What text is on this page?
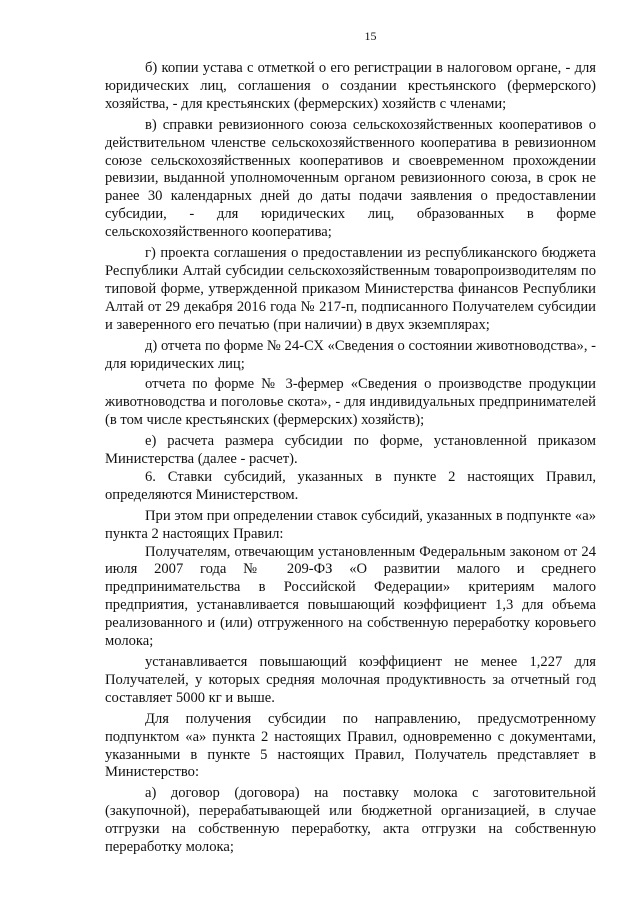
15

б) копии устава с отметкой о его регистрации в налоговом органе, - для юридических лиц, соглашения о создании крестьянского (фермерского) хозяйства, - для крестьянских (фермерских) хозяйств с членами;

в) справки ревизионного союза сельскохозяйственных кооперативов о действительном членстве сельскохозяйственного кооператива в ревизионном союзе сельскохозяйственных кооперативов и своевременном прохождении ревизии, выданной уполномоченным органом ревизионного союза, в срок не ранее 30 календарных дней до даты подачи заявления о предоставлении субсидии, - для юридических лиц, образованных в форме сельскохозяйственного кооператива;

г) проекта соглашения о предоставлении из республиканского бюджета Республики Алтай субсидии сельскохозяйственным товаропроизводителям по типовой форме, утвержденной приказом Министерства финансов Республики Алтай от 29 декабря 2016 года № 217-п, подписанного Получателем субсидии и заверенного его печатью (при наличии) в двух экземплярах;

д) отчета по форме № 24-СХ «Сведения о состоянии животноводства», - для юридических лиц;

отчета по форме № 3-фермер «Сведения о производстве продукции животноводства и поголовье скота», - для индивидуальных предпринимателей (в том числе крестьянских (фермерских) хозяйств);

е) расчета размера субсидии по форме, установленной приказом Министерства (далее - расчет).

6. Ставки субсидий, указанных в пункте 2 настоящих Правил, определяются Министерством.

При этом при определении ставок субсидий, указанных в подпункте «а» пункта 2 настоящих Правил:

Получателям, отвечающим установленным Федеральным законом от 24 июля 2007 года № 209-ФЗ «О развитии малого и среднего предпринимательства в Российской Федерации» критериям малого предприятия, устанавливается повышающий коэффициент 1,3 для объема реализованного и (или) отгруженного на собственную переработку коровьего молока;

устанавливается повышающий коэффициент не менее 1,227 для Получателей, у которых средняя молочная продуктивность за отчетный год составляет 5000 кг и выше.

Для получения субсидии по направлению, предусмотренному подпунктом «а» пункта 2 настоящих Правил, одновременно с документами, указанными в пункте 5 настоящих Правил, Получатель представляет в Министерство:

а) договор (договора) на поставку молока с заготовительной (закупочной), перерабатывающей или бюджетной организацией, в случае отгрузки на собственную переработку, акта отгрузки на собственную переработку молока;
